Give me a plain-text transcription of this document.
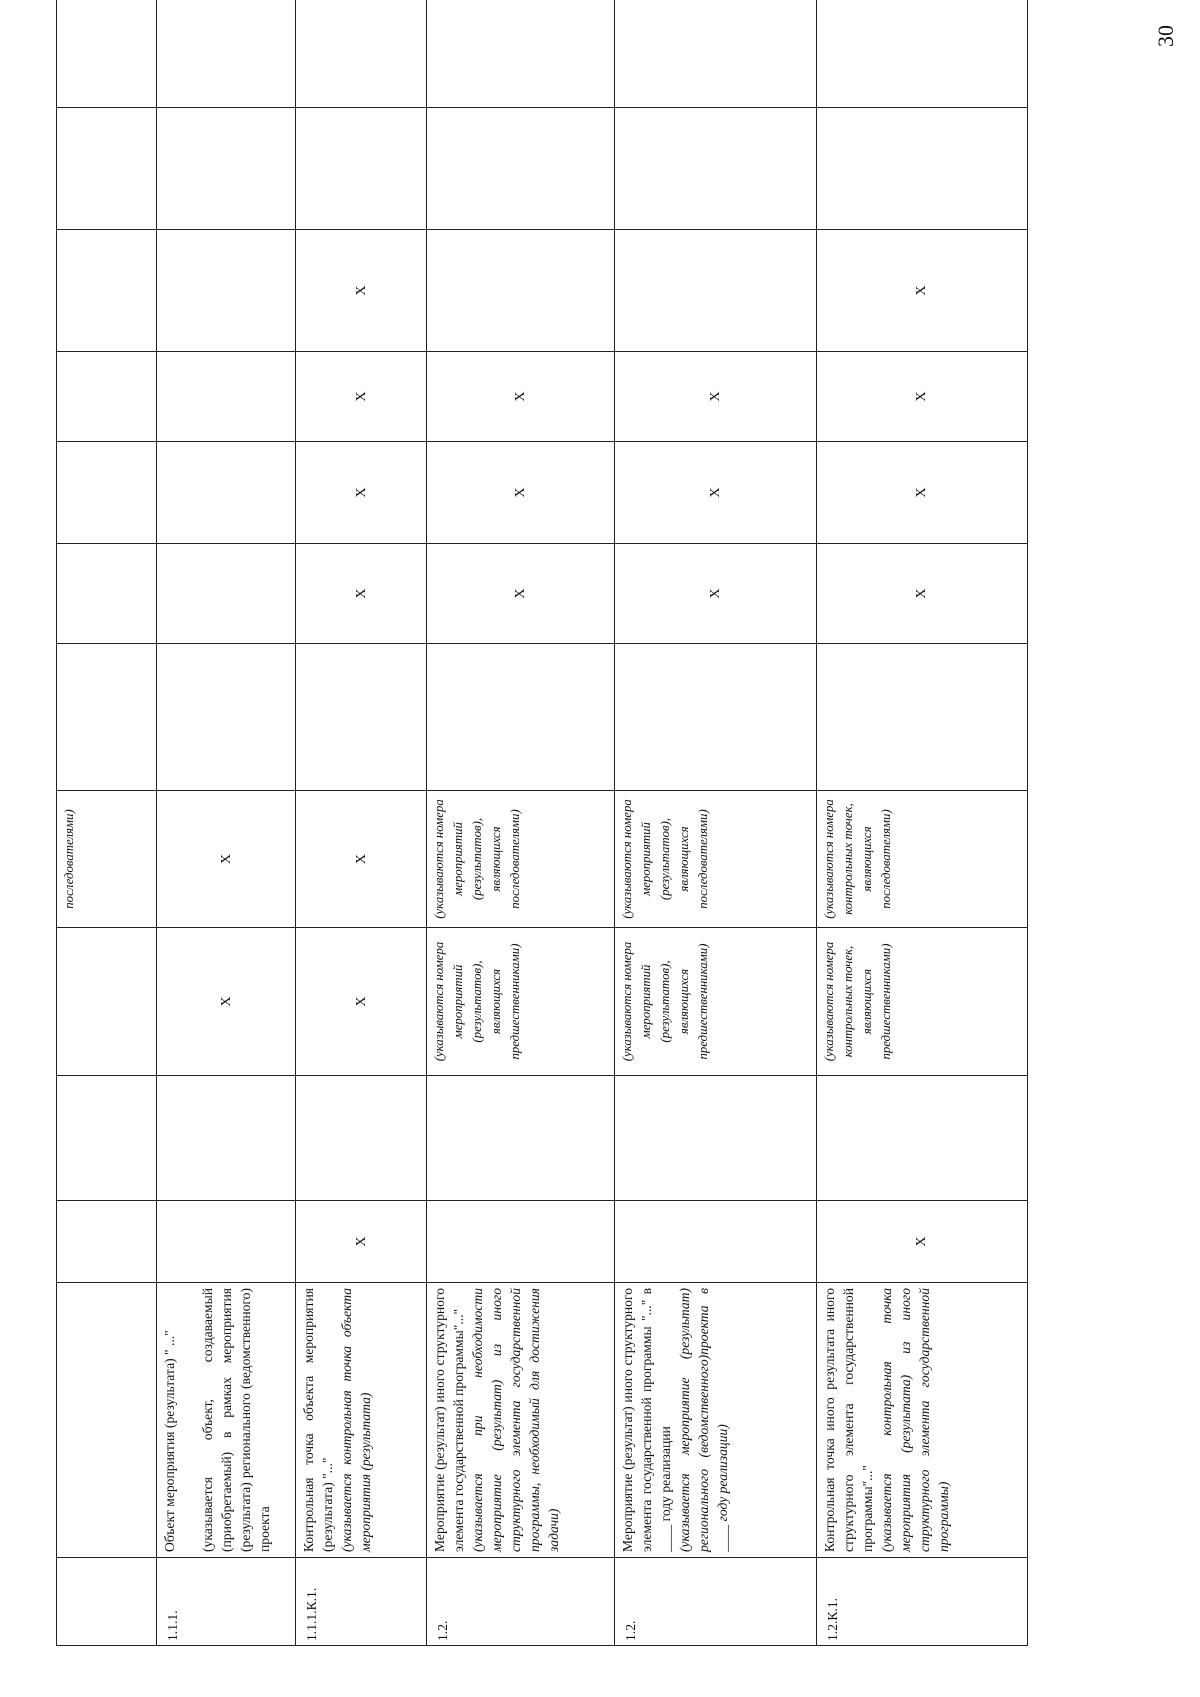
30

				последователями)							
1.1.1.	Объект мероприятия (результата) " ..." (указывается объект, создаваемый (приобретаемый) в рамках мероприятия (результата) регионального (ведомственного) проекта			X	X							
1.1.1.К.1.	Контрольная точка объекта мероприятия (результата) "..." (указывается контрольная точка объекта мероприятия (результата)	X		X	X		X	X	X	X		
1.2.	Мероприятие (результат) иного структурного элемента государственной программы"..." (указывается при необходимости мероприятие (результат) из иного структурного элемента государственной программы, необходимый для достижения задачи)			(указываются номера мероприятий (результатов), являющихся предшественниками)	(указываются номера мероприятий (результатов), являющихся последователями)		X	X	X			
1.2.	Мероприятие (результат) иного структурного элемента государственной программы "..." в ____ году реализации (указывается мероприятие (результат) регионального (ведомственного)проекта в ____ году реализации)			(указываются номера мероприятий (результатов), являющихся предшественниками)	(указываются номера мероприятий (результатов), являющихся последователями)		X	X	X			
1.2.К.1.	Контрольная точка иного результата иного структурного элемента государственной программы"..." (указывается контрольная точка мероприятия (результата) из иного структурного элемента государственной программы)	X		(указываются номера контрольных точек, являющихся предшественниками)	(указываются номера контрольных точек, являющихся последователями)		X	X	X	X		
